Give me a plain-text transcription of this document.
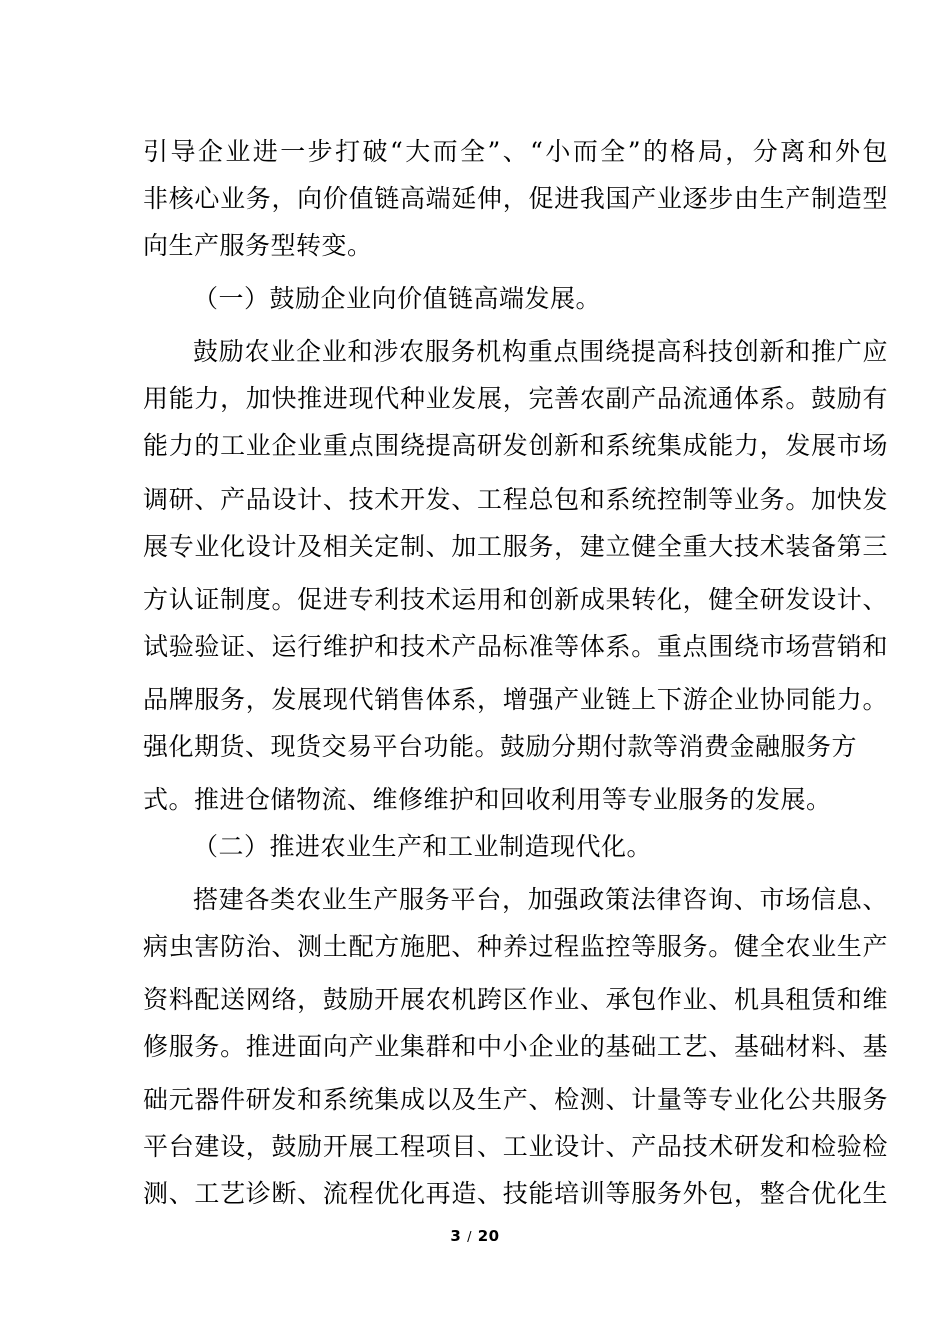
引导企业进一步打破“大而全”、“小而全”的格局，分离和外包
非核心业务，向价值链高端延伸，促进我国产业逐步由生产制造型
向生产服务型转变。
（一）鼓励企业向价值链高端发展。
鼓励农业企业和涉农服务机构重点围绕提高科技创新和推广应
用能力，加快推进现代种业发展，完善农副产品流通体系。鼓励有
能力的工业企业重点围绕提高研发创新和系统集成能力，发展市场
调研、产品设计、技术开发、工程总包和系统控制等业务。加快发
展专业化设计及相关定制、加工服务，建立健全重大技术装备第三
方认证制度。促进专利技术运用和创新成果转化，健全研发设计、
试验验证、运行维护和技术产品标准等体系。重点围绕市场营销和
品牌服务，发展现代销售体系，增强产业链上下游企业协同能力。
强化期货、现货交易平台功能。鼓励分期付款等消费金融服务方
式。推进仓储物流、维修维护和回收利用等专业服务的发展。
（二）推进农业生产和工业制造现代化。
搭建各类农业生产服务平台，加强政策法律咨询、市场信息、
病虫害防治、测土配方施肥、种养过程监控等服务。健全农业生产
资料配送网络，鼓励开展农机跨区作业、承包作业、机具租赁和维
修服务。推进面向产业集群和中小企业的基础工艺、基础材料、基
础元器件研发和系统集成以及生产、检测、计量等专业化公共服务
平台建设，鼓励开展工程项目、工业设计、产品技术研发和检验检
测、工艺诊断、流程优化再造、技能培训等服务外包，整合优化生
3 / 20
